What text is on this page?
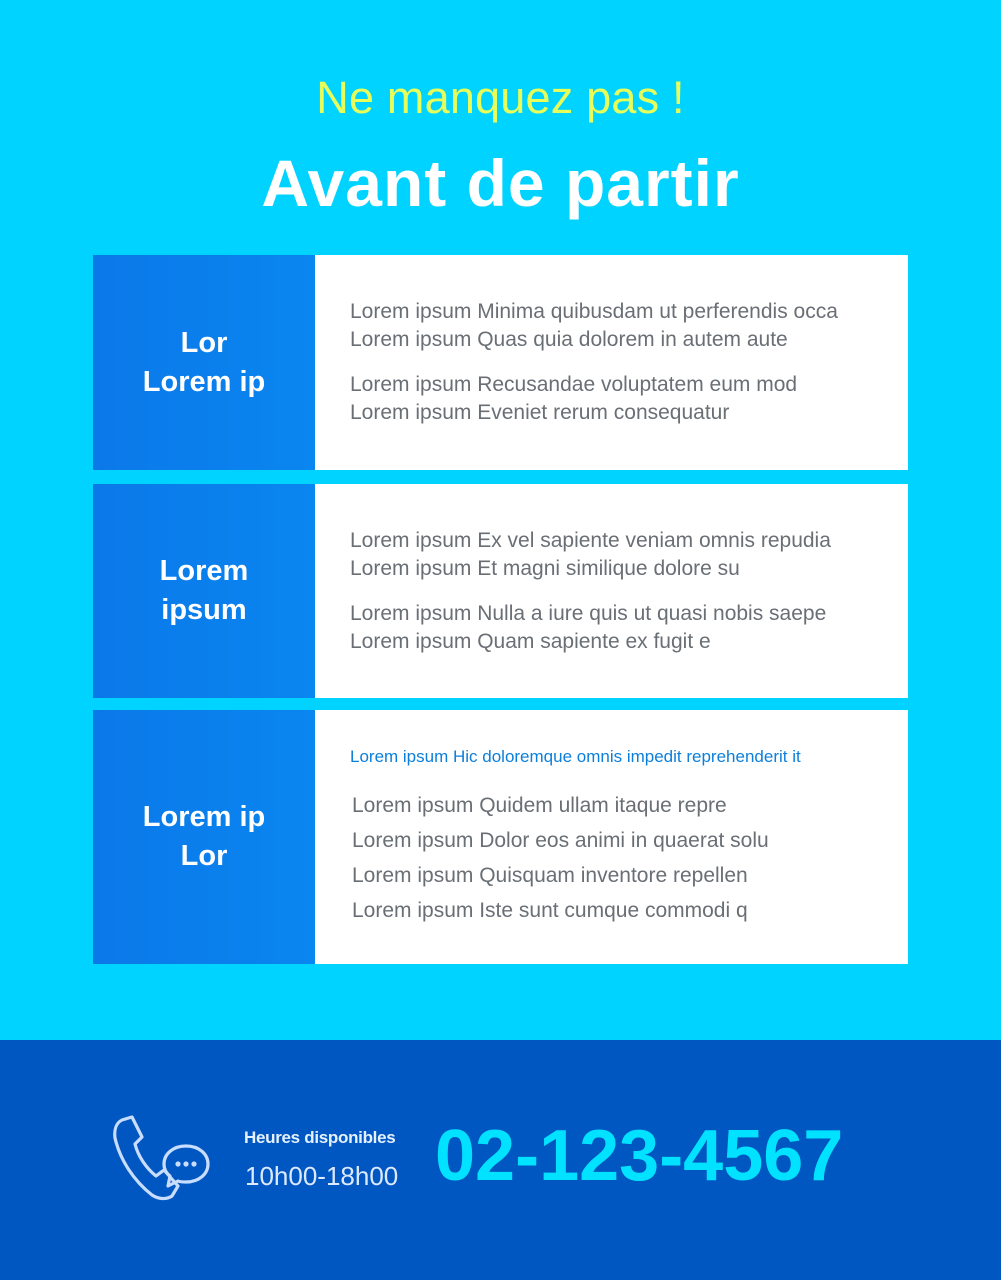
Ne manquez pas !
Avant de partir
Lor
Lorem ip
Lorem ipsum Minima quibusdam ut perferendis occa
Lorem ipsum Quas quia dolorem in autem aute
Lorem ipsum Recusandae voluptatem eum mod
Lorem ipsum Eveniet rerum consequatur
Lorem
ipsum
Lorem ipsum Ex vel sapiente veniam omnis repudia
Lorem ipsum Et magni similique dolore su
Lorem ipsum Nulla a iure quis ut quasi nobis saepe
Lorem ipsum Quam sapiente ex fugit e
Lorem ip
Lor
Lorem ipsum Hic doloremque omnis impedit reprehenderit it
Lorem ipsum Quidem ullam itaque repre
Lorem ipsum Dolor eos animi in quaerat solu
Lorem ipsum Quisquam inventore repellen
Lorem ipsum Iste sunt cumque commodi q
Heures disponibles
10h00-18h00 02-123-4567
